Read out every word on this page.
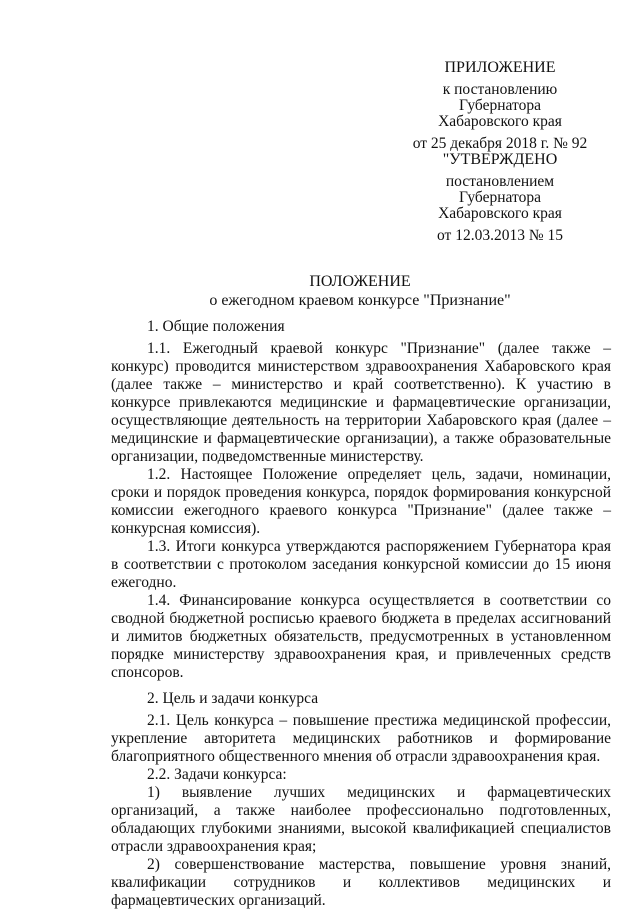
ПРИЛОЖЕНИЕ
к постановлению
Губернатора
Хабаровского края
от 25 декабря 2018 г. № 92
"УТВЕРЖДЕНО
постановлением
Губернатора
Хабаровского края
от 12.03.2013 № 15
ПОЛОЖЕНИЕ
о ежегодном краевом конкурсе "Признание"

1. Общие положения

1.1. Ежегодный краевой конкурс "Признание" (далее также – конкурс) проводится министерством здравоохранения Хабаровского края (далее также – министерство и край соответственно). К участию в конкурсе привлекаются медицинские и фармацевтические организации, осуществляющие деятельность на территории Хабаровского края (далее – медицинские и фармацевтические организации), а также образовательные организации, подведомственные министерству.

1.2. Настоящее Положение определяет цель, задачи, номинации, сроки и порядок проведения конкурса, порядок формирования конкурсной комиссии ежегодного краевого конкурса "Признание" (далее также – конкурсная комиссия).

1.3. Итоги конкурса утверждаются распоряжением Губернатора края в соответствии с протоколом заседания конкурсной комиссии до 15 июня ежегодно.

1.4. Финансирование конкурса осуществляется в соответствии со сводной бюджетной росписью краевого бюджета в пределах ассигнований и лимитов бюджетных обязательств, предусмотренных в установленном порядке министерству здравоохранения края, и привлеченных средств спонсоров.

2. Цель и задачи конкурса

2.1. Цель конкурса – повышение престижа медицинской профессии, укрепление авторитета медицинских работников и формирование благоприятного общественного мнения об отрасли здравоохранения края.

2.2. Задачи конкурса:

1) выявление лучших медицинских и фармацевтических организаций, а также наиболее профессионально подготовленных, обладающих глубокими знаниями, высокой квалификацией специалистов отрасли здравоохранения края;

2) совершенствование мастерства, повышение уровня знаний, квалификации сотрудников и коллективов медицинских и фармацевтических организаций.
